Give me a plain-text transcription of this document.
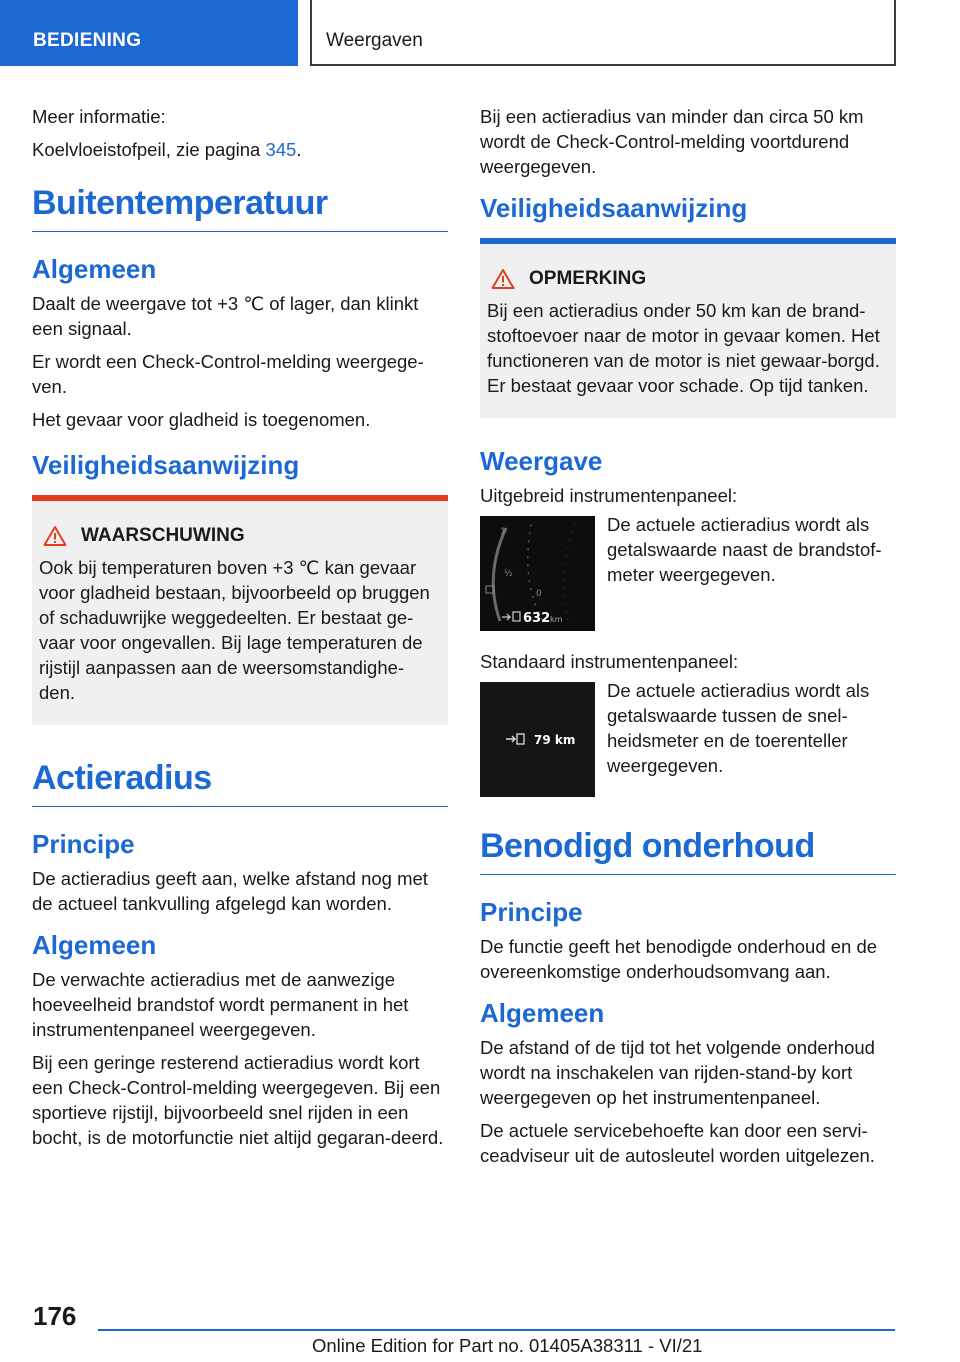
BEDIENING	Weergaven

Meer informatie:

Koelvloeistofpeil, zie pagina 345.

Buitentemperatuur
Algemeen

Daalt de weergave tot +3 ℃ of lager, dan klinkt een signaal.

Er wordt een Check-Control-melding weergege-ven.

Het gevaar voor gladheid is toegenomen.

Veiligheidsaanwijzing
WAARSCHUWING

Ook bij temperaturen boven +3 ℃ kan gevaar voor gladheid bestaan, bijvoorbeeld op bruggen of schaduwrijke weggedeelten. Er bestaat ge-vaar voor ongevallen. Bij lage temperaturen de rijstijl aanpassen aan de weersomstandighe-den.

Actieradius
Principe

De actieradius geeft aan, welke afstand nog met de actueel tankvulling afgelegd kan worden.

Algemeen

De verwachte actieradius met de aanwezige hoeveelheid brandstof wordt permanent in het instrumentenpaneel weergegeven.

Bij een geringe resterend actieradius wordt kort een Check-Control-melding weergegeven. Bij een sportieve rijstijl, bijvoorbeeld snel rijden in een bocht, is de motorfunctie niet altijd gegaran-deerd.

Bij een actieradius van minder dan circa 50 km wordt de Check-Control-melding voortdurend weergegeven.

Veiligheidsaanwijzing
OPMERKING

Bij een actieradius onder 50 km kan de brand-stoftoevoer naar de motor in gevaar komen. Het functioneren van de motor is niet gewaar-borgd. Er bestaat gevaar voor schade. Op tijd tanken.

Weergave

Uitgebreid instrumentenpaneel:

1
½
0
632 km

De actuele actieradius wordt als getalswaarde naast de brandstof-meter weergegeven.

Standaard instrumentenpaneel:

79 km

De actuele actieradius wordt als getalswaarde tussen de snel-heidsmeter en de toerenteller weergegeven.

Benodigd onderhoud
Principe

De functie geeft het benodigde onderhoud en de overeenkomstige onderhoudsomvang aan.

Algemeen

De afstand of de tijd tot het volgende onderhoud wordt na inschakelen van rijden-stand-by kort weergegeven op het instrumentenpaneel.

De actuele servicebehoefte kan door een servi-ceadviseur uit de autosleutel worden uitgelezen.

176
Online Edition for Part no. 01405A38311 - VI/21
